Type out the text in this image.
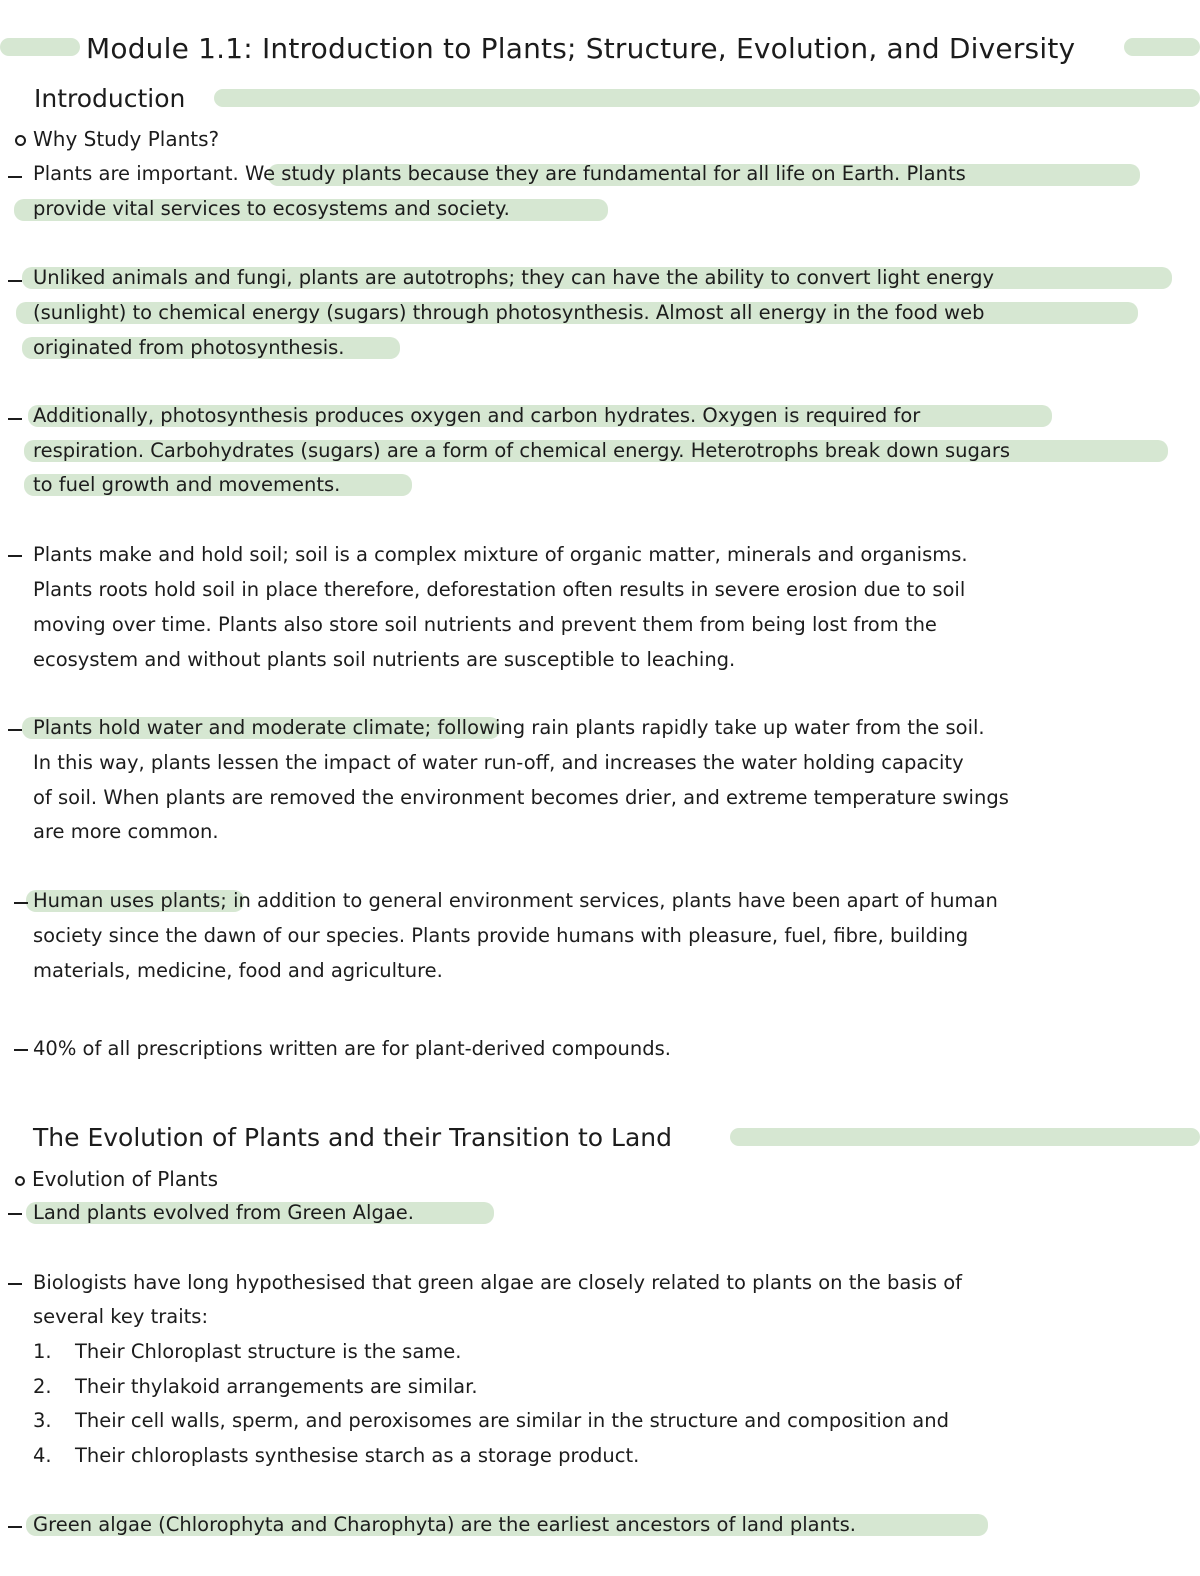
Module 1.1: Introduction to Plants; Structure, Evolution, and Diversity
Introduction
Why Study Plants?
Plants are important. We study plants because they are fundamental for all life on Earth. Plants
provide vital services to ecosystems and society.
Unliked animals and fungi, plants are autotrophs; they can have the ability to convert light energy
(sunlight) to chemical energy (sugars) through photosynthesis. Almost all energy in the food web
originated from photosynthesis.
Additionally, photosynthesis produces oxygen and carbon hydrates. Oxygen is required for
respiration. Carbohydrates (sugars) are a form of chemical energy. Heterotrophs break down sugars
to fuel growth and movements.
Plants make and hold soil; soil is a complex mixture of organic matter, minerals and organisms.
Plants roots hold soil in place therefore, deforestation often results in severe erosion due to soil
moving over time. Plants also store soil nutrients and prevent them from being lost from the
ecosystem and without plants soil nutrients are susceptible to leaching.
Plants hold water and moderate climate; following rain plants rapidly take up water from the soil.
In this way, plants lessen the impact of water run-off, and increases the water holding capacity
of soil. When plants are removed the environment becomes drier, and extreme temperature swings
are more common.
Human uses plants; in addition to general environment services, plants have been apart of human
society since the dawn of our species. Plants provide humans with pleasure, fuel, fibre, building
materials, medicine, food and agriculture.
40% of all prescriptions written are for plant-derived compounds.
The Evolution of Plants and their Transition to Land
Evolution of Plants
Land plants evolved from Green Algae.
Biologists have long hypothesised that green algae are closely related to plants on the basis of
several key traits:
1. Their Chloroplast structure is the same.
2. Their thylakoid arrangements are similar.
3. Their cell walls, sperm, and peroxisomes are similar in the structure and composition and
4. Their chloroplasts synthesise starch as a storage product.
Green algae (Chlorophyta and Charophyta) are the earliest ancestors of land plants.
